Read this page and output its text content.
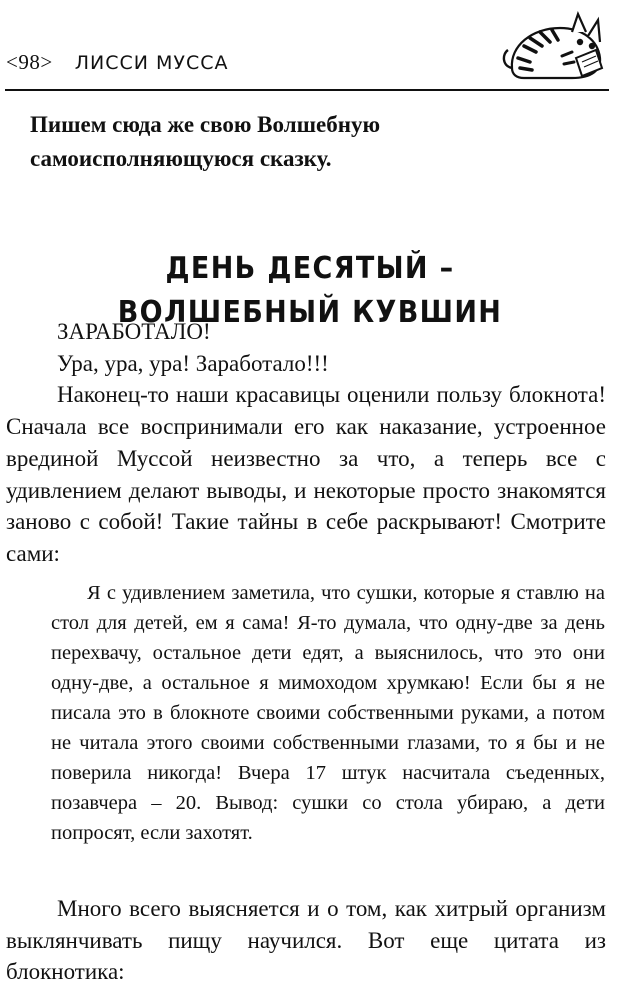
<98> ЛИССИ МУССА

Пишем сюда же свою Волшебную самоисполняющуюся сказку.

ДЕНЬ ДЕСЯТЫЙ –
ВОЛШЕБНЫЙ КУВШИН

ЗАРАБОТАЛО!

Ура, ура, ура! Заработало!!!

Наконец-то наши красавицы оценили пользу блокнота! Сначала все воспринимали его как наказание, устроенное врединой Муссой неизвестно за что, а теперь все с удивлением делают выводы, и некоторые просто знакомятся заново с собой! Такие тайны в себе раскрывают! Смотрите сами:

Я с удивлением заметила, что сушки, которые я ставлю на стол для детей, ем я сама! Я-то думала, что одну-две за день перехвачу, остальное дети едят, а выяснилось, что это они одну-две, а остальное я мимоходом хрумкаю! Если бы я не писала это в блокноте своими собственными руками, а потом не читала этого своими собственными глазами, то я бы и не поверила никогда! Вчера 17 штук насчитала съеденных, позавчера – 20. Вывод: сушки со стола убираю, а дети попросят, если захотят.

Много всего выясняется и о том, как хитрый организм выклянчивать пищу научился. Вот еще цитата из блокнотика:
